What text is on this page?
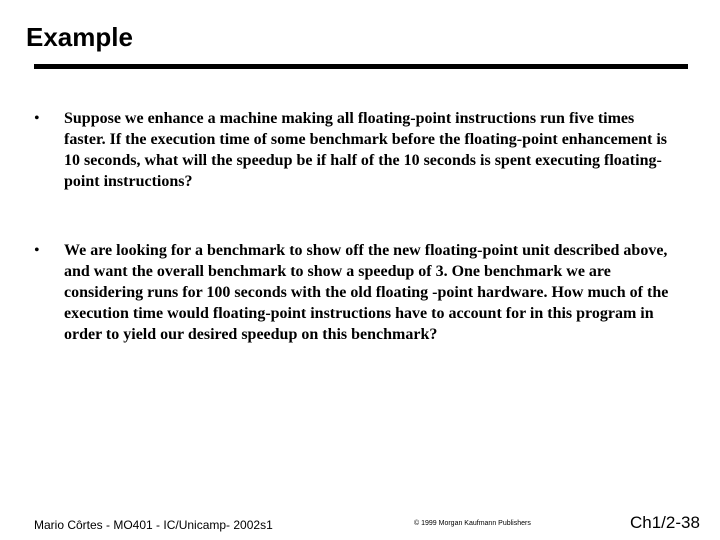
Example
• Suppose we enhance a machine making all floating-point instructions run five times faster. If the execution time of some benchmark before the floating-point enhancement is 10 seconds, what will the speedup be if half of the 10 seconds is spent executing floating-point instructions?

• We are looking for a benchmark to show off the new floating-point unit described above, and want the overall benchmark to show a speedup of 3. One benchmark we are considering runs for 100 seconds with the old floating -point hardware. How much of the execution time would floating-point instructions have to account for in this program in order to yield our desired speedup on this benchmark?

Mario Côrtes - MO401 - IC/Unicamp- 2002s1	© 1999 Morgan Kaufmann Publishers	Ch1/2-38
